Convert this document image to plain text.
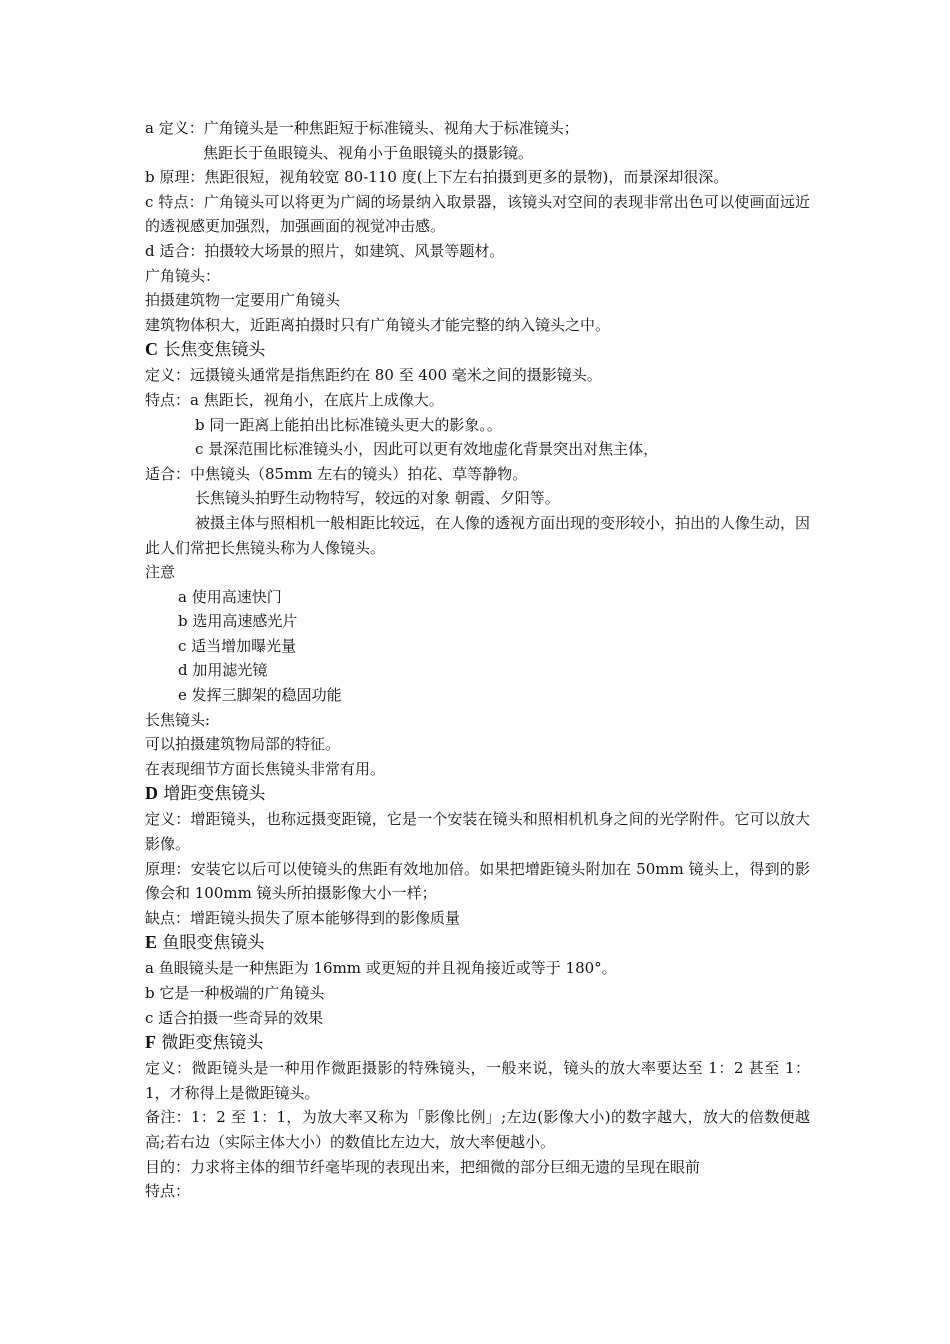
a 定义：广角镜头是一种焦距短于标准镜头、视角大于标准镜头；
焦距长于鱼眼镜头、视角小于鱼眼镜头的摄影镜。
b 原理：焦距很短，视角较宽 80-110 度(上下左右拍摄到更多的景物)，而景深却很深。
c 特点：广角镜头可以将更为广阔的场景纳入取景器，该镜头对空间的表现非常出色可以使画面远近的透视感更加强烈，加强画面的视觉冲击感。
d 适合：拍摄较大场景的照片，如建筑、风景等题材。
广角镜头：
拍摄建筑物一定要用广角镜头
建筑物体积大，近距离拍摄时只有广角镜头才能完整的纳入镜头之中。
C 长焦变焦镜头
定义：远摄镜头通常是指焦距约在 80 至 400 毫米之间的摄影镜头。
特点：a 焦距长，视角小，在底片上成像大。
b 同一距离上能拍出比标准镜头更大的影象。。
c 景深范围比标准镜头小，因此可以更有效地虚化背景突出对焦主体，
适合：中焦镜头（85mm 左右的镜头）拍花、草等静物。
长焦镜头拍野生动物特写，较远的对象 朝霞、夕阳等。
被摄主体与照相机一般相距比较远，在人像的透视方面出现的变形较小，拍出的人像生动，因此人们常把长焦镜头称为人像镜头。
注意
a 使用高速快门
b 选用高速感光片
c 适当增加曝光量
d 加用滤光镜
e 发挥三脚架的稳固功能
长焦镜头:
可以拍摄建筑物局部的特征。
在表现细节方面长焦镜头非常有用。
D 增距变焦镜头
定义：增距镜头，也称远摄变距镜，它是一个安装在镜头和照相机机身之间的光学附件。它可以放大影像。
原理：安装它以后可以使镜头的焦距有效地加倍。如果把增距镜头附加在 50mm 镜头上，得到的影像会和 100mm 镜头所拍摄影像大小一样；
缺点：增距镜头损失了原本能够得到的影像质量
E 鱼眼变焦镜头
a 鱼眼镜头是一种焦距为 16mm 或更短的并且视角接近或等于 180°。
b 它是一种极端的广角镜头
c 适合拍摄一些奇异的效果
F 微距变焦镜头
定义：微距镜头是一种用作微距摄影的特殊镜头，一般来说，镜头的放大率要达至 1：2 甚至 1：1，才称得上是微距镜头。
备注：1：2 至 1：1，为放大率又称为「影像比例」;左边(影像大小)的数字越大，放大的倍数便越高;若右边（实际主体大小）的数值比左边大，放大率便越小。
目的：力求将主体的细节纤毫毕现的表现出来，把细微的部分巨细无遗的呈现在眼前
特点：
